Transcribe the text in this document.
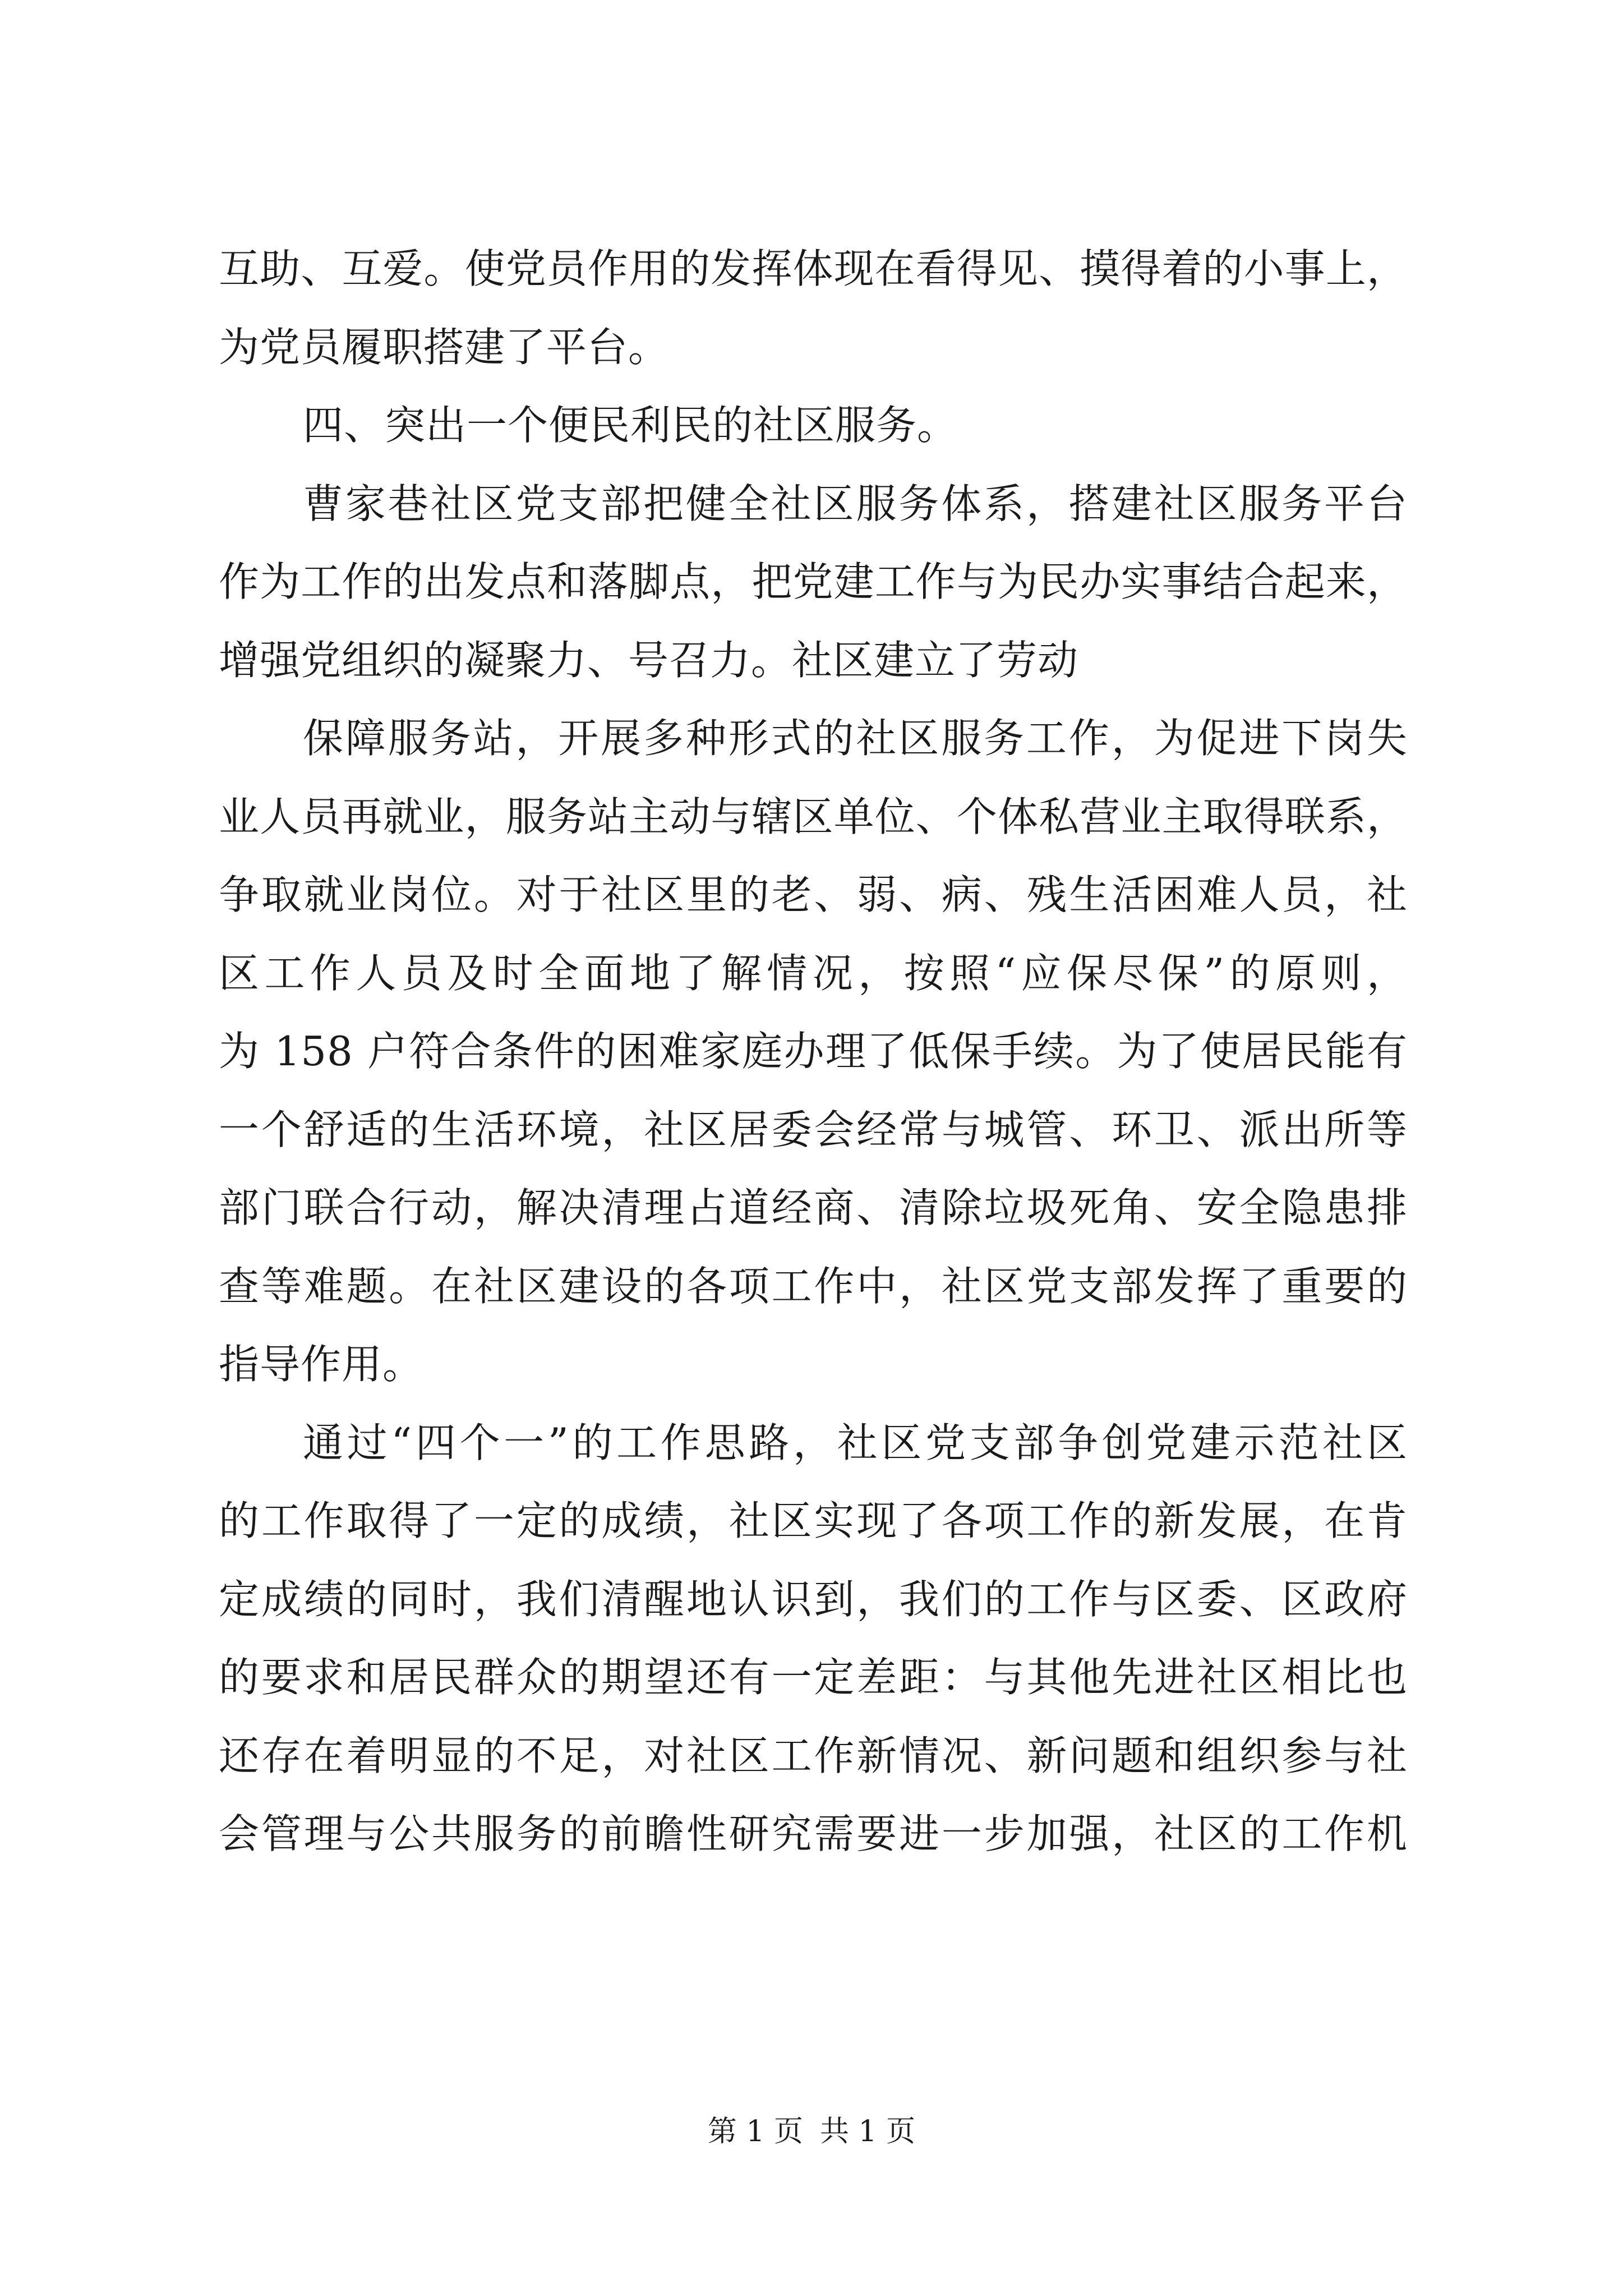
互助、互爱。使党员作用的发挥体现在看得见、摸得着的小事上，
为党员履职搭建了平台。
四、突出一个便民利民的社区服务。
曹家巷社区党支部把健全社区服务体系，搭建社区服务平台
作为工作的出发点和落脚点，把党建工作与为民办实事结合起来，
增强党组织的凝聚力、号召力。社区建立了劳动
保障服务站，开展多种形式的社区服务工作，为促进下岗失
业人员再就业，服务站主动与辖区单位、个体私营业主取得联系，
争取就业岗位。对于社区里的老、弱、病、残生活困难人员，社
区工作人员及时全面地了解情况，按照“应保尽保”的原则，
为 158 户符合条件的困难家庭办理了低保手续。为了使居民能有
一个舒适的生活环境，社区居委会经常与城管、环卫、派出所等
部门联合行动，解决清理占道经商、清除垃圾死角、安全隐患排
查等难题。在社区建设的各项工作中，社区党支部发挥了重要的
指导作用。
通过“四个一”的工作思路，社区党支部争创党建示范社区
的工作取得了一定的成绩，社区实现了各项工作的新发展，在肯
定成绩的同时，我们清醒地认识到，我们的工作与区委、区政府
的要求和居民群众的期望还有一定差距：与其他先进社区相比也
还存在着明显的不足，对社区工作新情况、新问题和组织参与社
会管理与公共服务的前瞻性研究需要进一步加强，社区的工作机
第 1 页 共 1 页
